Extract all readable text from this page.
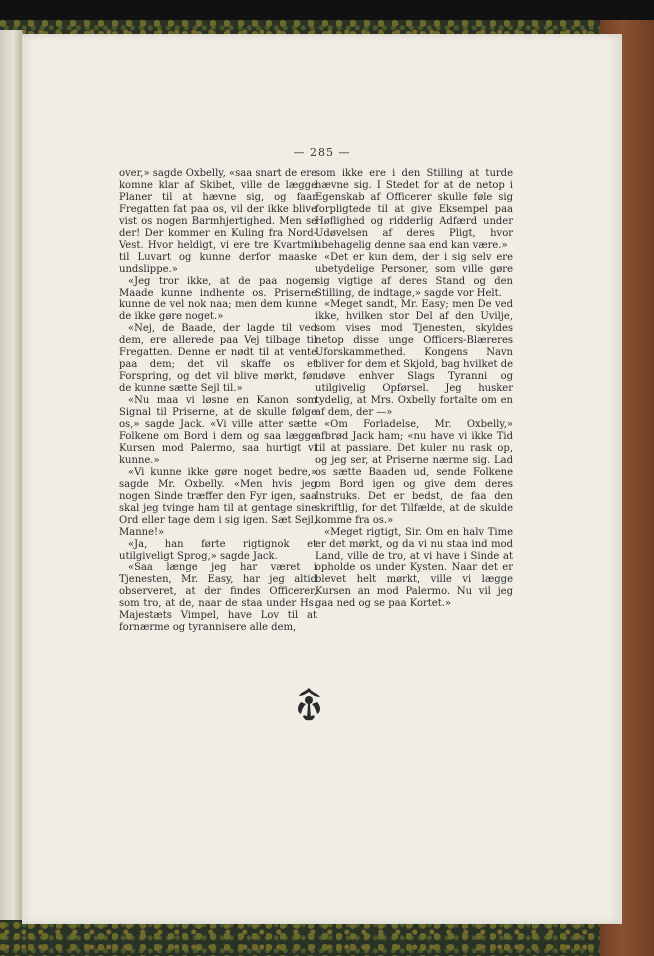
— 285 —

over,» sagde Oxbelly, «saa snart de ere komne klar af Skibet, ville de lægge Planer til at hævne sig, og faar Fregatten fat paa os, vil der ikke blive vist os nogen Barmhjertighed. Men se der! Der kommer en Kuling fra Nord-Vest. Hvor heldigt, vi ere tre Kvartmil til Luvart og kunne derfor maaske undslippe.»

«Jeg tror ikke, at de paa nogen Maade kunne indhente os. Priserne kunne de vel nok naa; men dem kunne de ikke gøre noget.»

«Nej, de Baade, der lagde til ved dem, ere allerede paa Vej tilbage til Fregatten. Denne er nødt til at vente paa dem; det vil skaffe os et Forspring, og det vil blive mørkt, før de kunne sætte Sejl til.»

«Nu maa vi løsne en Kanon som Signal til Priserne, at de skulle følge os,» sagde Jack. «Vi ville atter sætte Folkene om Bord i dem og saa lægge Kursen mod Palermo, saa hurtigt vi kunne.»

«Vi kunne ikke gøre noget bedre,» sagde Mr. Oxbelly. «Men hvis jeg nogen Sinde træffer den Fyr igen, saa skal jeg tvinge ham til at gentage sine Ord eller tage dem i sig igen. Sæt Sejl, Manne!»

«Ja, han førte rigtignok et utilgiveligt Sprog,» sagde Jack.

«Saa længe jeg har været i Tjenesten, Mr. Easy, har jeg altid observeret, at der findes Officerer, som tro, at de, naar de staa under Hs. Majestæts Vimpel, have Lov til at fornærme og tyrannisere alle dem,

som ikke ere i den Stilling at turde hævne sig. I Stedet for at de netop i Egenskab af Officerer skulle føle sig forpligtede til at give Eksempel paa Høflighed og ridderlig Adfærd under Udøvelsen af deres Pligt, hvor ubehagelig denne saa end kan være.»

«Det er kun dem, der i sig selv ere ubetydelige Personer, som ville gøre sig vigtige af deres Stand og den Stilling, de indtage,» sagde vor Helt.

«Meget sandt, Mr. Easy; men De ved ikke, hvilken stor Del af den Uvilje, som vises mod Tjenesten, skyldes netop disse unge Officers-Blæreres Uforskammethed. Kongens Navn bliver for dem et Skjold, bag hvilket de udøve enhver Slags Tyranni og utilgivelig Opførsel. Jeg husker tydelig, at Mrs. Oxbelly fortalte om en af dem, der —»

«Om Forladelse, Mr. Oxbelly,» afbrød Jack ham; «nu have vi ikke Tid til at passiare. Det kuler nu rask op, og jeg ser, at Priserne nærme sig. Lad os sætte Baaden ud, sende Folkene om Bord igen og give dem deres Instruks. Det er bedst, de faa den skriftlig, for det Tilfælde, at de skulde komme fra os.»

«Meget rigtigt, Sir. Om en halv Time er det mørkt, og da vi nu staa ind mod Land, ville de tro, at vi have i Sinde at opholde os under Kysten. Naar det er blevet helt mørkt, ville vi lægge Kursen an mod Palermo. Nu vil jeg gaa ned og se paa Kortet.»
